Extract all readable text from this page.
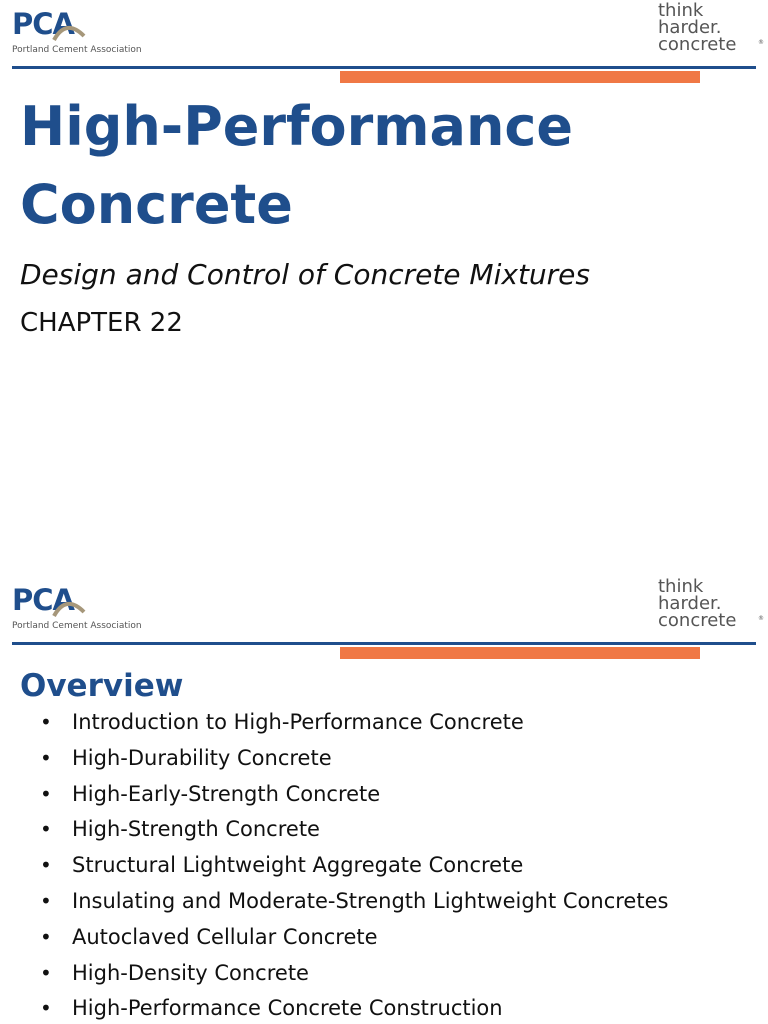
PCA
Portland Cement Association
think
harder.
concrete	®
High-Performance
Concrete
Design and Control of Concrete Mixtures
CHAPTER 22
PCA
Portland Cement Association
think
harder.
concrete	®
Overview
• Introduction to High-Performance Concrete
• High-Durability Concrete
• High-Early-Strength Concrete
• High-Strength Concrete
• Structural Lightweight Aggregate Concrete
• Insulating and Moderate-Strength Lightweight Concretes
• Autoclaved Cellular Concrete
• High-Density Concrete
• High-Performance Concrete Construction
